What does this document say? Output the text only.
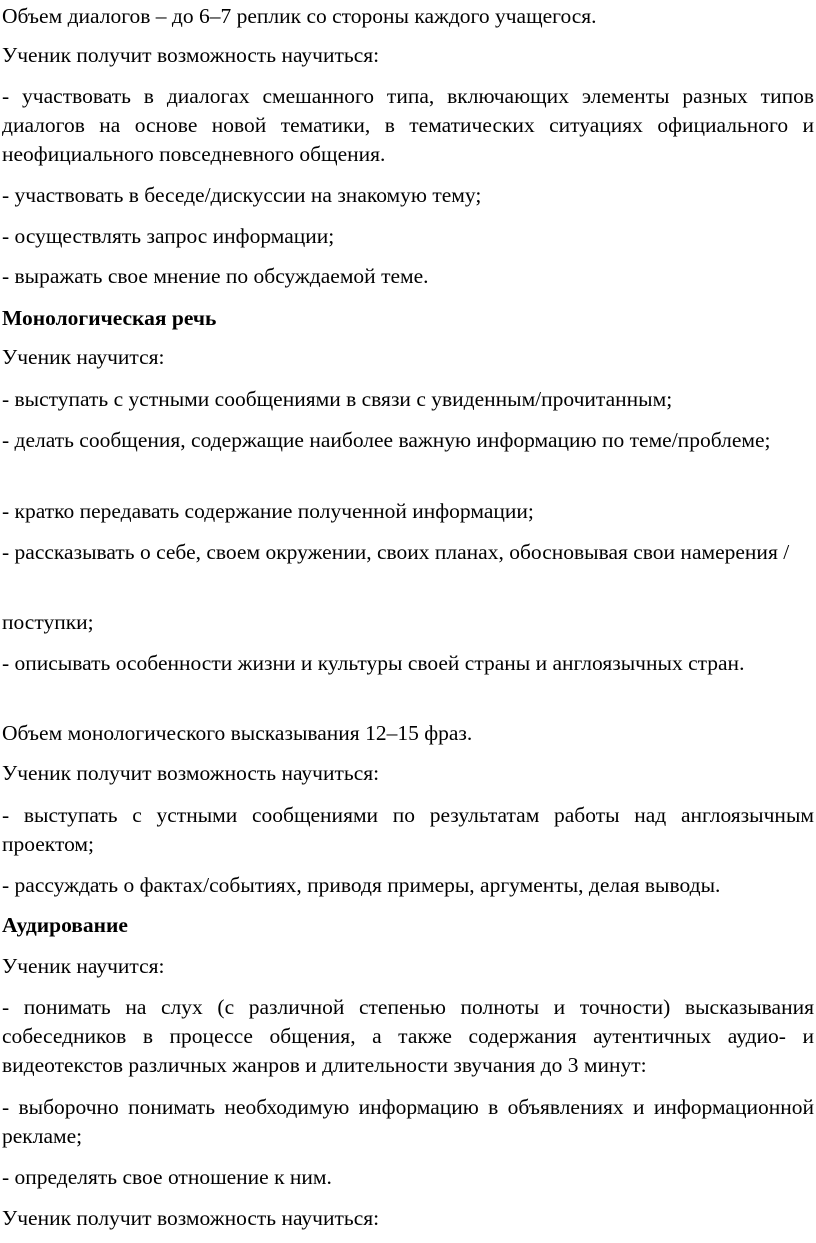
Объем диалогов – до 6–7 реплик со стороны каждого учащегося.

Ученик получит возможность научиться:

- участвовать в диалогах смешанного типа, включающих элементы разных типов диалогов на основе новой тематики, в тематических ситуациях официального и неофициального повседневного общения.

- участвовать в беседе/дискуссии на знакомую тему;

- осуществлять запрос информации;

- выражать свое мнение по обсуждаемой теме.

Монологическая речь

Ученик научится:

- выступать с устными сообщениями в связи с увиденным/прочитанным;

- делать сообщения, содержащие наиболее важную информацию по теме/проблеме;

- кратко передавать содержание полученной информации;

- рассказывать о себе, своем окружении, своих планах, обосновывая свои намерения /

поступки;

- описывать особенности жизни и культуры своей страны и англоязычных стран.

Объем монологического высказывания 12–15 фраз.

Ученик получит возможность научиться:

- выступать с устными сообщениями по результатам работы над англоязычным проектом;

- рассуждать о фактах/событиях, приводя примеры, аргументы, делая выводы.

Аудирование

Ученик научится:

- понимать на слух (с различной степенью полноты и точности) высказывания собеседников в процессе общения, а также содержания аутентичных аудио- и видеотекстов различных жанров и длительности звучания до 3 минут:

- выборочно понимать необходимую информацию в объявлениях и информационной рекламе;

- определять свое отношение к ним.

Ученик получит возможность научиться:
